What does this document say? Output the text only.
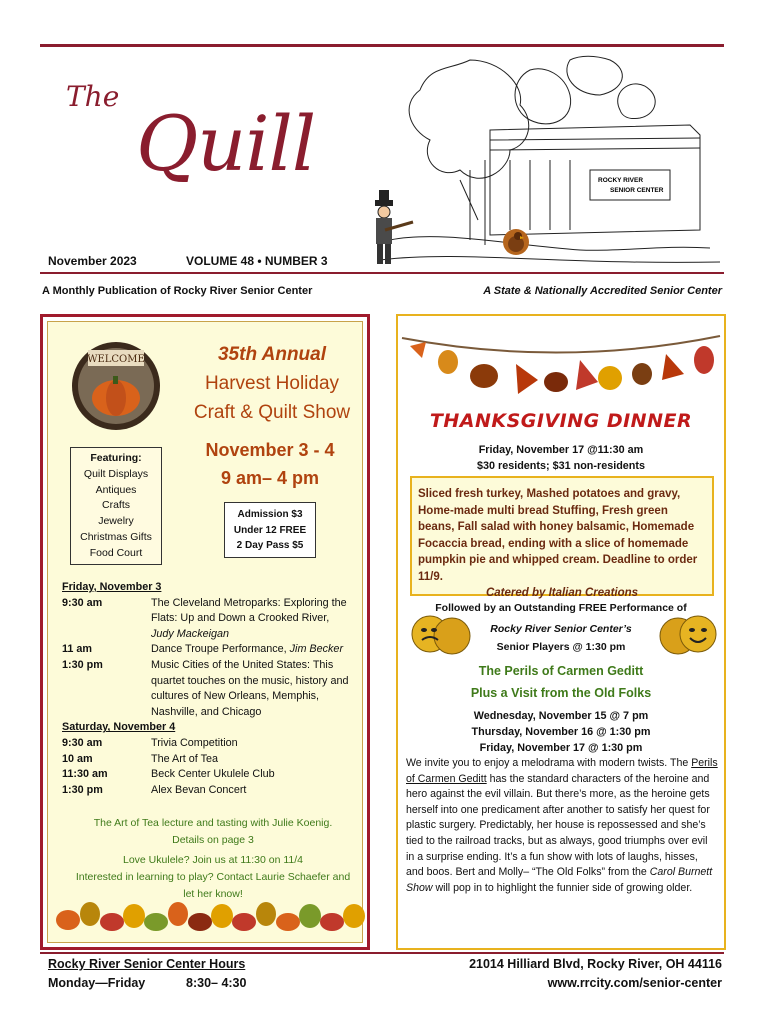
The
Quill	ROCKY RIVER
SENIOR CENTER
November 2023	VOLUME 48 • NUMBER 3
A Monthly Publication of Rocky River Senior Center	A State & Nationally Accredited Senior Center
WELCOME	35th Annual
Harvest Holiday
Craft & Quilt Show
Featuring:
Quilt Displays
Antiques
Crafts
Jewelry
Christmas Gifts
Food Court
November 3 - 4
9 am– 4 pm
Admission $3
Under 12 FREE
2 Day Pass $5
Friday, November 3
9:30 am	The Cleveland Metroparks: Exploring the Flats: Up and Down a Crooked River,
Judy Mackeigan
11 am	Dance Troupe Performance, Jim Becker
1:30 pm	Music Cities of the United States: This quartet touches on the music, history and cultures of New Orleans, Memphis, Nashville, and Chicago
Saturday, November 4
9:30 am	Trivia Competition
10 am	The Art of Tea
11:30 am	Beck Center Ukulele Club
1:30 pm	Alex Bevan Concert
The Art of Tea lecture and tasting with Julie Koenig.
Details on page 3
Love Ukulele? Join us at 11:30 on 11/4
Interested in learning to play? Contact Laurie Schaefer and
let her know!
THANKSGIVING DINNER
Friday, November 17 @11:30 am
$30 residents; $31 non-residents
Sliced fresh turkey, Mashed potatoes and gravy, Home-made multi bread Stuffing, Fresh green beans, Fall salad with honey balsamic, Homemade Focaccia bread, ending with a slice of homemade pumpkin pie and whipped cream. Deadline to order 11/9.
Catered by Italian Creations
Followed by an Outstanding FREE Performance of
Rocky River Senior Center’s
Senior Players @ 1:30 pm
The Perils of Carmen Geditt
Plus a Visit from the Old Folks
Wednesday, November 15 @ 7 pm
Thursday, November 16 @ 1:30 pm
Friday, November 17 @ 1:30 pm
We invite you to enjoy a melodrama with modern twists. The Perils of Carmen Geditt has the standard characters of the heroine and hero against the evil villain. But there’s more, as the heroine gets herself into one predicament after another to satisfy her quest for plastic surgery. Predictably, her house is repossessed and she’s tied to the railroad tracks, but as always, good triumphs over evil in a surprise ending. It’s a fun show with lots of laughs, hisses, and boos. Bert and Molly– “The Old Folks” from the Carol Burnett Show will pop in to highlight the funnier side of growing older.
Rocky River Senior Center Hours
Monday—Friday	8:30– 4:30
21014 Hilliard Blvd, Rocky River, OH 44116
www.rrcity.com/senior-center
